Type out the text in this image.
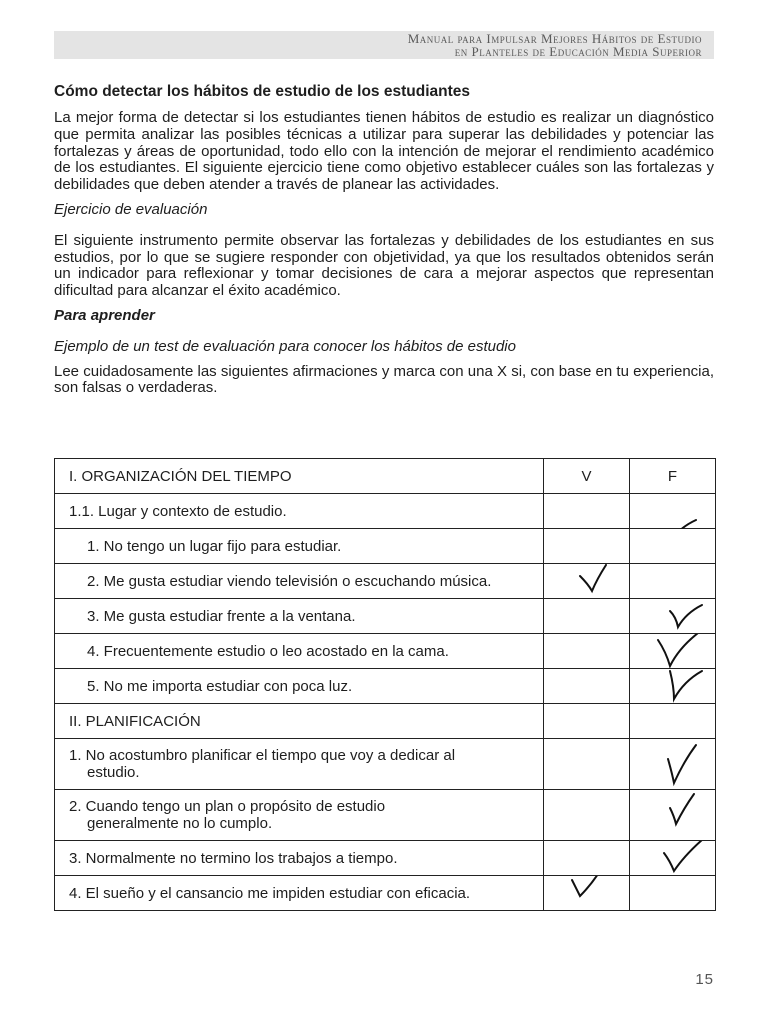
Manual para Impulsar Mejores Hábitos de Estudio
en Planteles de Educación Media Superior
Cómo detectar los hábitos de estudio de los estudiantes

La mejor forma de detectar si los estudiantes tienen hábitos de estudio es realizar un diagnóstico que permita analizar las posibles técnicas a utilizar para superar las debilidades y potenciar las fortalezas y áreas de oportunidad, todo ello con la intención de mejorar el rendimiento académico de los estudiantes. El siguiente ejercicio tiene como objetivo establecer cuáles son las fortalezas y debilidades que deben atender a través de planear las actividades.

Ejercicio de evaluación

El siguiente instrumento permite observar las fortalezas y debilidades de los estudiantes en sus estudios, por lo que se sugiere responder con objetividad, ya que los resultados obtenidos serán un indicador para reflexionar y tomar decisiones de cara a mejorar aspectos que representan dificultad para alcanzar el éxito académico.

Para aprender

Ejemplo de un test de evaluación para conocer los hábitos de estudio

Lee cuidadosamente las siguientes afirmaciones y marca con una X si, con base en tu experiencia, son falsas o verdaderas.

I. ORGANIZACIÓN DEL TIEMPO	V	F
1.1. Lugar y contexto de estudio.		

1. No tengo un lugar fijo para estudiar.		
2. Me gusta estudiar viendo televisión o escuchando música.	

3. Me gusta estudiar frente a la ventana.		

4. Frecuentemente estudio o leo acostado en la cama.		

5. No me importa estudiar con poca luz.		

II. PLANIFICACIÓN		

1. No acostumbro planificar el tiempo que voy a dedicar al
estudio.

2. Cuando tengo un plan o propósito de estudio
generalmente no lo cumplo.

3. Normalmente no termino los trabajos a tiempo.		

4. El sueño y el cansancio me impiden estudiar con eficacia.	

15
